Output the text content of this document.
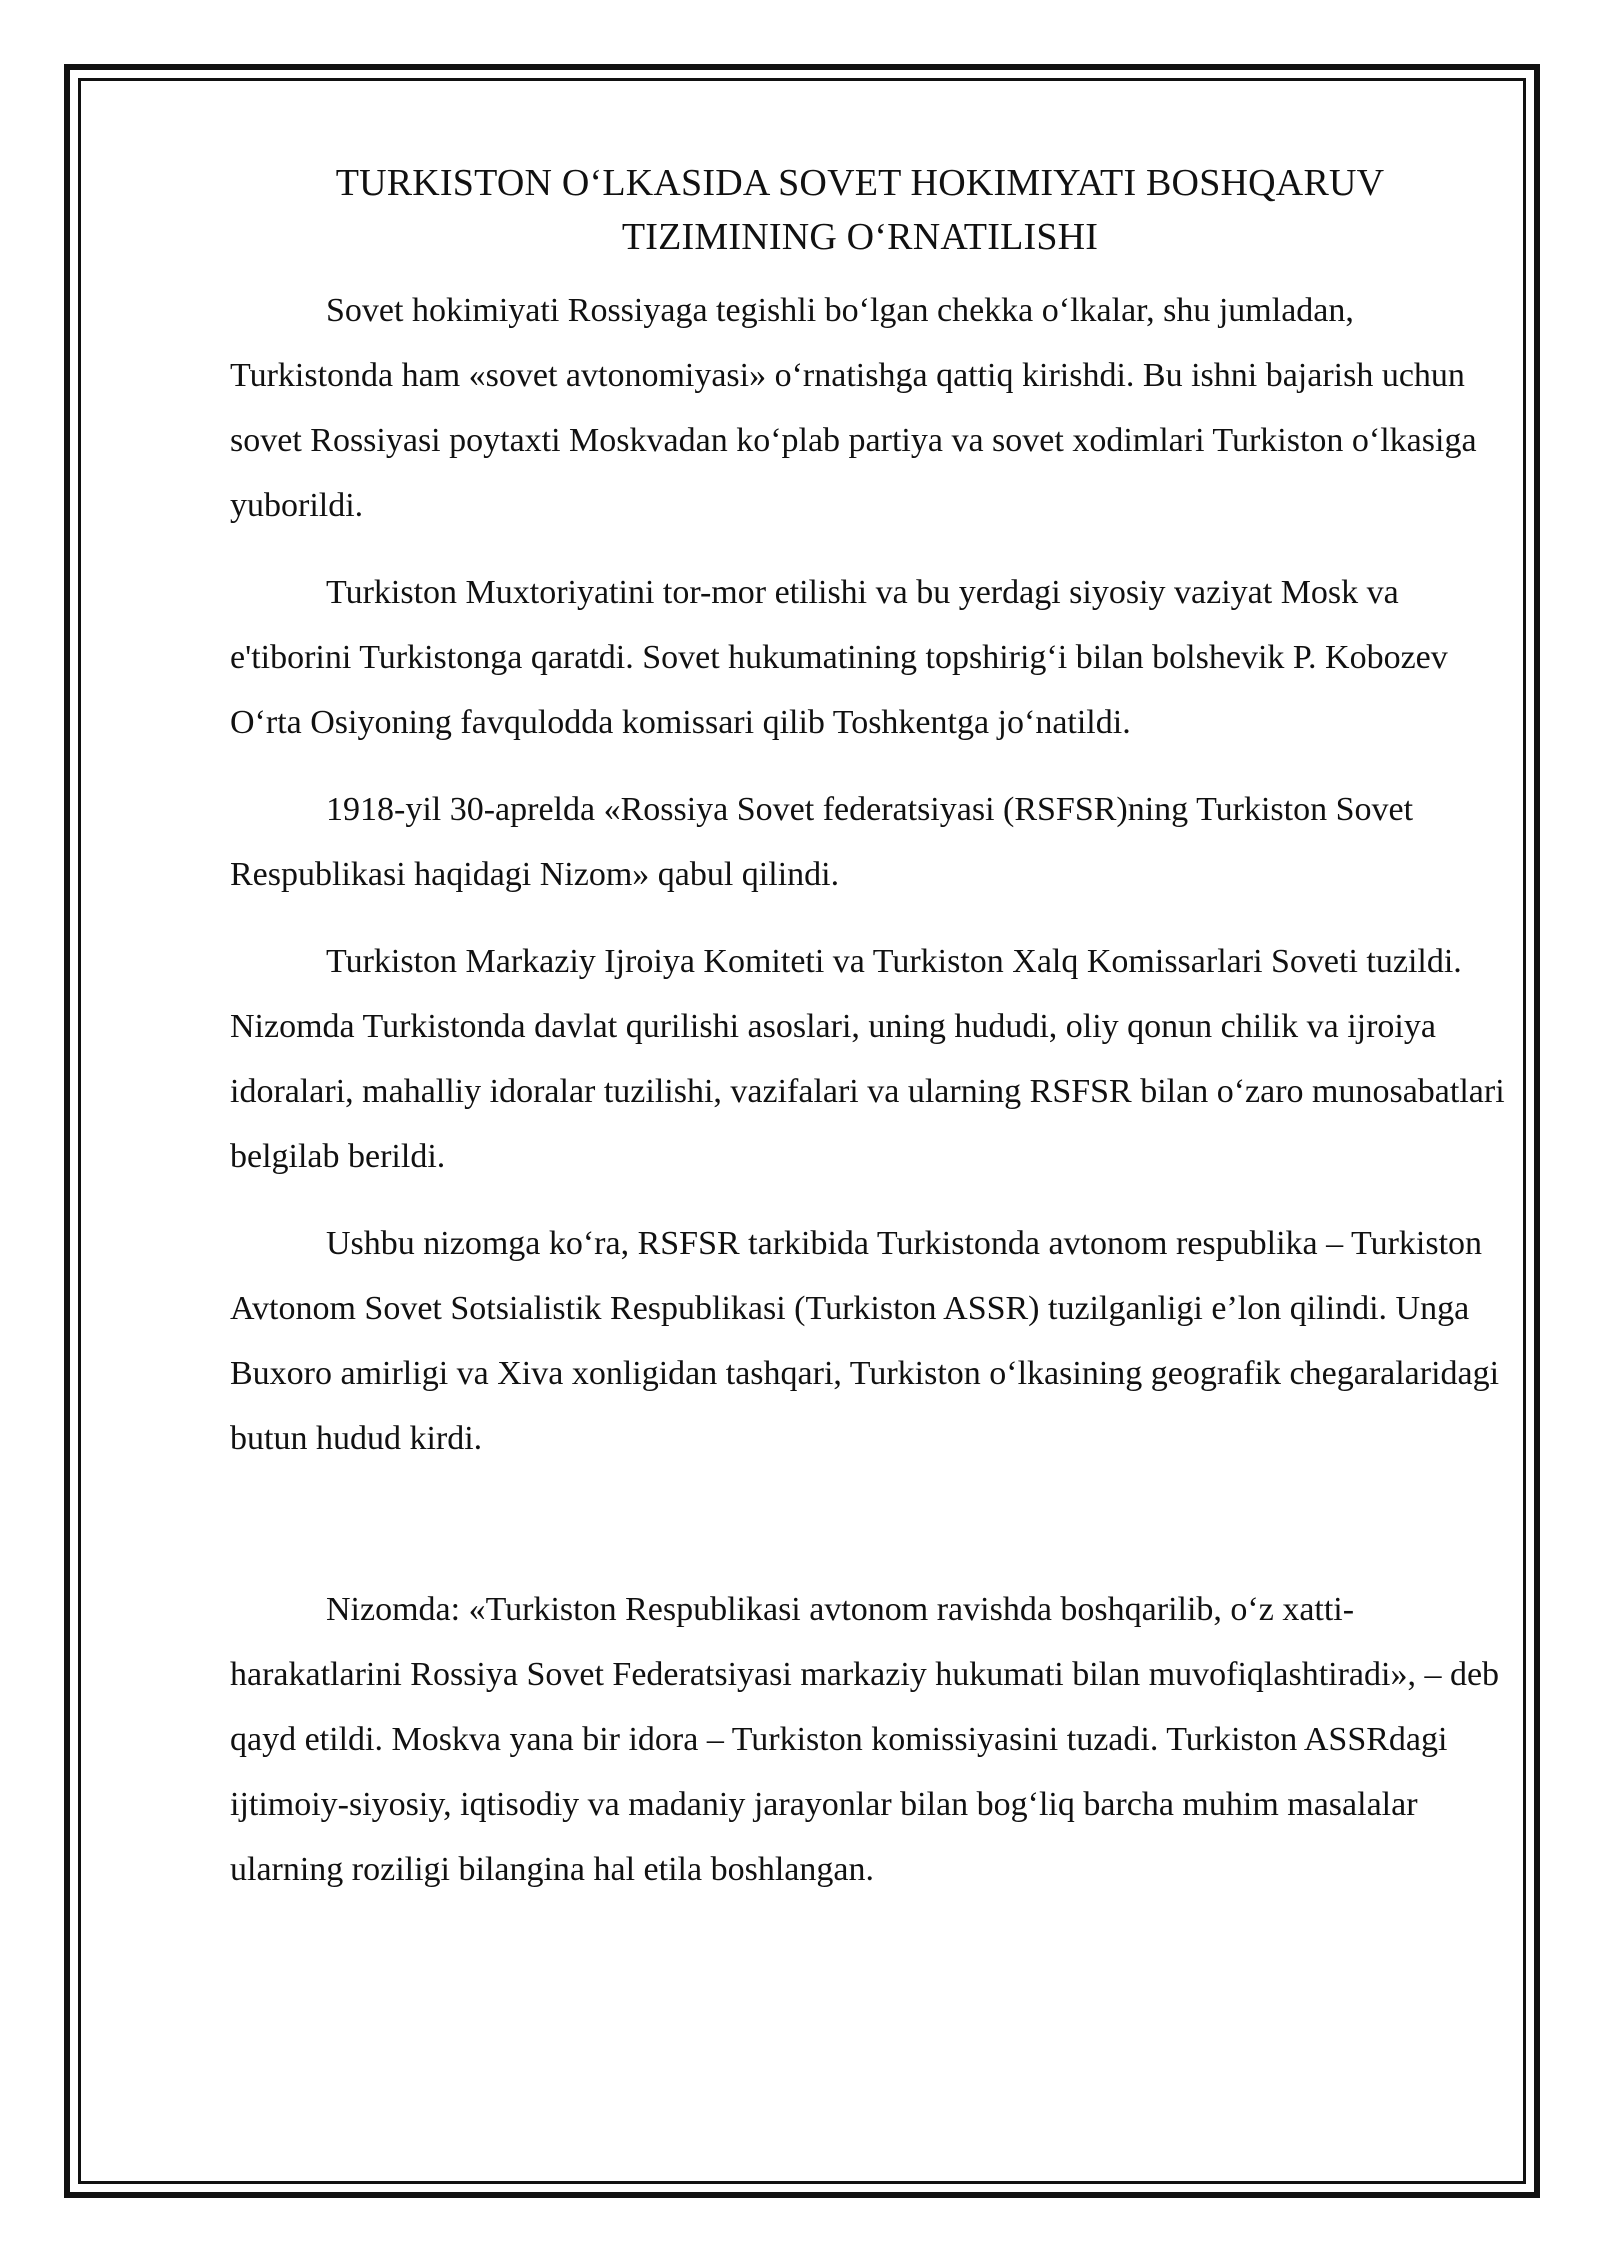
TURKISTON O‘LKASIDA SOVET HOKIMIYATI BOSHQARUV
TIZIMINING O‘RNATILISHI

Sovet hokimiyati Rossiyaga tegishli bo‘lgan chekka o‘lkalar, shu jumladan, Turkistonda ham «sovet avtonomiyasi» o‘rnatishga qattiq kirishdi. Bu ishni bajarish uchun sovet Rossiyasi poytaxti Moskvadan ko‘plab partiya va sovet xodimlari Turkiston o‘lkasiga yuborildi.

Turkiston Muxtoriyatini tor-mor etilishi va bu yerdagi siyosiy vaziyat Mosk va e'tiborini Turkistonga qaratdi. Sovet hukumatining topshirig‘i bilan bolshevik P. Kobozev O‘rta Osiyoning favqulodda komissari qilib Toshkentga jo‘natildi.

1918-yil 30-aprelda «Rossiya Sovet federatsiyasi (RSFSR)ning Turkiston Sovet Respublikasi haqidagi Nizom» qabul qilindi.

Turkiston Markaziy Ijroiya Komiteti va Turkiston Xalq Komissarlari Soveti tuzildi. Nizomda Turkistonda davlat qurilishi asoslari, uning hududi, oliy qonun chilik va ijroiya idoralari, mahalliy idoralar tuzilishi, vazifalari va ularning RSFSR bilan o‘zaro munosabatlari belgilab berildi.

Ushbu nizomga ko‘ra, RSFSR tarkibida Turkistonda avtonom respublika – Turkiston Avtonom Sovet Sotsialistik Respublikasi (Turkiston ASSR) tuzilganligi e’lon qilindi. Unga Buxoro amirligi va Xiva xonligidan tashqari, Turkiston o‘lkasining geografik chegaralaridagi butun hudud kirdi.

Nizomda: «Turkiston Respublikasi avtonom ravishda boshqarilib, o‘z xatti-harakatlarini Rossiya Sovet Federatsiyasi markaziy hukumati bilan muvofiqlashtiradi», – deb qayd etildi. Moskva yana bir idora – Turkiston komissiyasini tuzadi. Turkiston ASSRdagi ijtimoiy-siyosiy, iqtisodiy va madaniy jarayonlar bilan bog‘liq barcha muhim masalalar ularning roziligi bilangina hal etila boshlangan.
